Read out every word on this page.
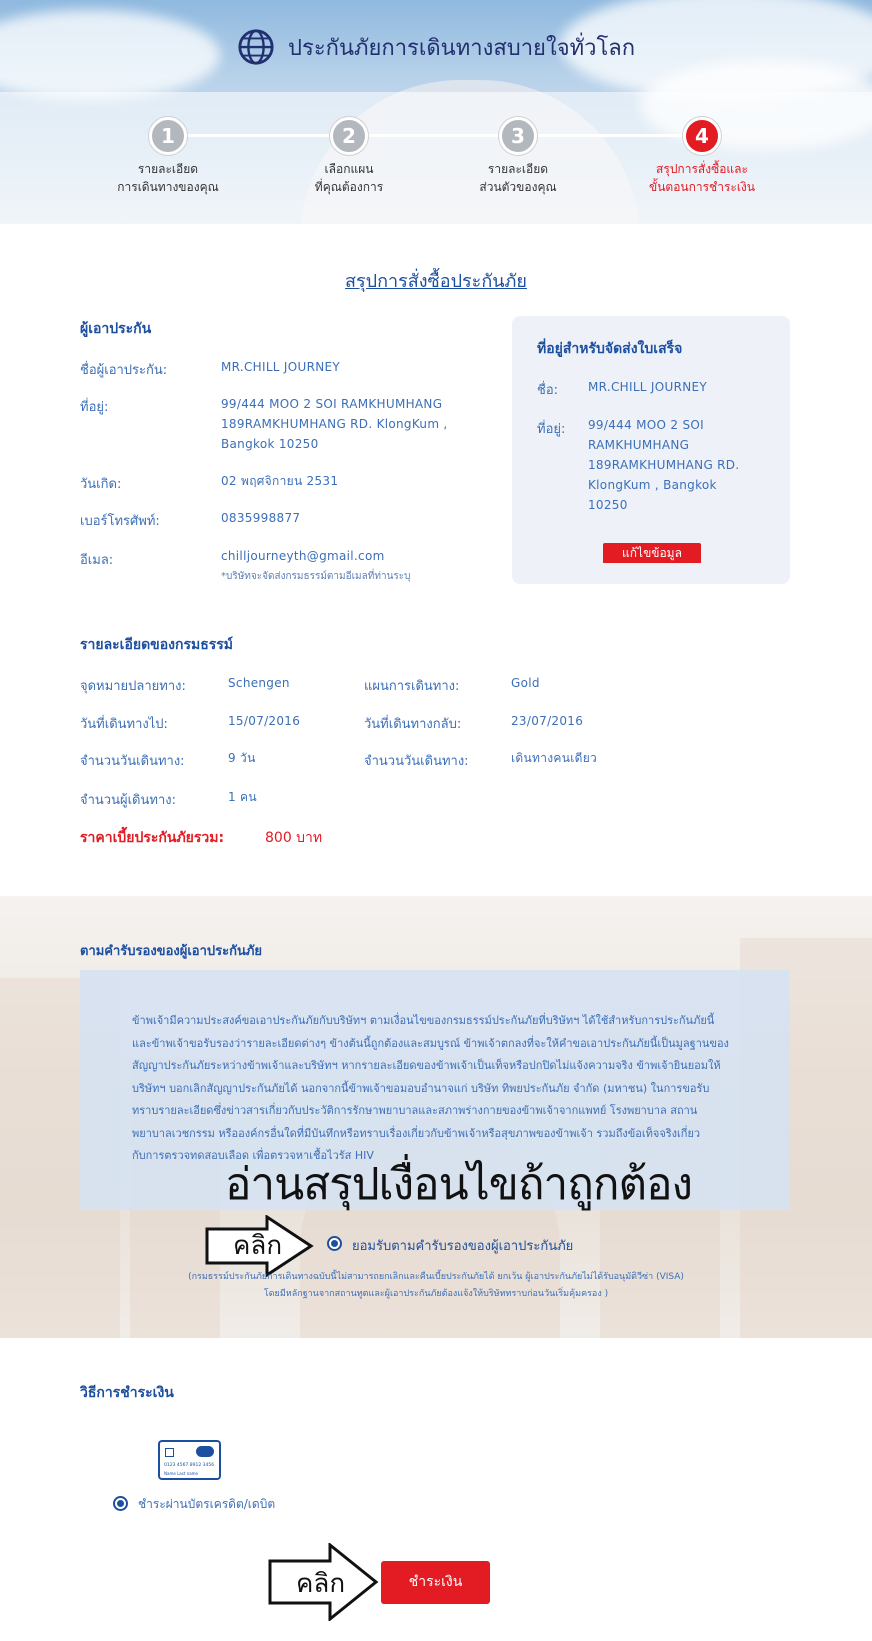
ประกันภัยการเดินทางสบายใจทั่วโลก
1
รายละเอียด
การเดินทางของคุณ
2
เลือกแผน
ที่คุณต้องการ
3
รายละเอียด
ส่วนตัวของคุณ
4
สรุปการสั่งซื้อและ
ขั้นตอนการชำระเงิน
สรุปการสั่งซื้อประกันภัย
ผู้เอาประกัน
ชื่อผู้เอาประกัน:	MR.CHILL JOURNEY
ที่อยู่:	99/444 MOO 2 SOI RAMKHUMHANG
189RAMKHUMHANG RD. KlongKum ,
Bangkok 10250
วันเกิด:	02 พฤศจิกายน 2531
เบอร์โทรศัพท์:	0835998877
อีเมล:	chilljourneyth@gmail.com
*บริษัทจะจัดส่งกรมธรรม์ตามอีเมลที่ท่านระบุ
ที่อยู่สำหรับจัดส่งใบเสร็จ
ชื่อ: MR.CHILL JOURNEY
ที่อยู่: 99/444 MOO 2 SOI
RAMKHUMHANG
189RAMKHUMHANG RD.
KlongKum , Bangkok
10250
แก้ไขข้อมูล
รายละเอียดของกรมธรรม์
จุดหมายปลายทาง:	Schengen	แผนการเดินทาง:	Gold
วันที่เดินทางไป:	15/07/2016	วันที่เดินทางกลับ:	23/07/2016
จำนวนวันเดินทาง:	9 วัน	จำนวนวันเดินทาง:	เดินทางคนเดียว
จำนวนผู้เดินทาง:	1 คน
ราคาเบี้ยประกันภัยรวม:	800 บาท
ตามคำรับรองของผู้เอาประกันภัย
ข้าพเจ้ามีความประสงค์ขอเอาประกันภัยกับบริษัทฯ ตามเงื่อนไขของกรมธรรม์ประกันภัยที่บริษัทฯ ได้ใช้สำหรับการประกันภัยนี้
และข้าพเจ้าขอรับรองว่ารายละเอียดต่างๆ ข้างต้นนี้ถูกต้องและสมบูรณ์ ข้าพเจ้าตกลงที่จะให้คำขอเอาประกันภัยนี้เป็นมูลฐานของ
สัญญาประกันภัยระหว่างข้าพเจ้าและบริษัทฯ หากรายละเอียดของข้าพเจ้าเป็นเท็จหรือปกปิดไม่แจ้งความจริง ข้าพเจ้ายินยอมให้
บริษัทฯ บอกเลิกสัญญาประกันภัยได้ นอกจากนี้ข้าพเจ้าขอมอบอำนาจแก่ บริษัท ทิพยประกันภัย จำกัด (มหาชน) ในการขอรับ
ทราบรายละเอียดซึ่งข่าวสารเกี่ยวกับประวัติการรักษาพยาบาลและสภาพร่างกายของข้าพเจ้าจากแพทย์ โรงพยาบาล สถาน
พยาบาลเวชกรรม หรือองค์กรอื่นใดที่มีบันทึกหรือทราบเรื่องเกี่ยวกับข้าพเจ้าหรือสุขภาพของข้าพเจ้า รวมถึงข้อเท็จจริงเกี่ยว
กับการตรวจทดสอบเลือด เพื่อตรวจหาเชื้อไวรัส HIV
อ่านสรุปเงื่อนไขถ้าถูกต้อง
คลิก	ยอมรับตามคำรับรองของผู้เอาประกันภัย
(กรมธรรม์ประกันภัยการเดินทางฉบับนี้ไม่สามารถยกเลิกและคืนเบี้ยประกันภัยได้ ยกเว้น ผู้เอาประกันภัยไม่ได้รับอนุมัติวีซ่า (VISA)
โดยมีหลักฐานจากสถานทูตและผู้เอาประกันภัยต้องแจ้งให้บริษัททราบก่อนวันเริ่มคุ้มครอง )
วิธีการชำระเงิน
0123 4567 8912 3456
Name Last name
ชำระผ่านบัตรเครดิต/เดบิต
คลิก	ชำระเงิน
